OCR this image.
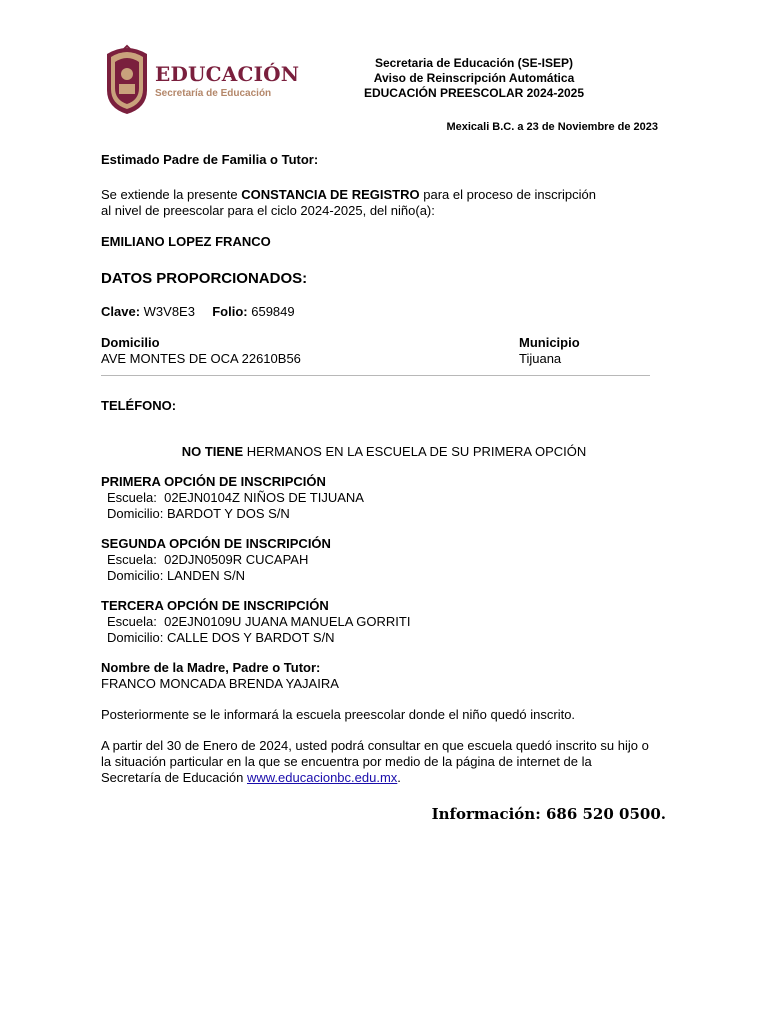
EDUCACIÓN
Secretaría de Educación
Secretaria de Educación (SE-ISEP)
Aviso de Reinscripción Automática
EDUCACIÓN PREESCOLAR 2024-2025
Mexicali B.C. a 23 de Noviembre de 2023
Estimado Padre de Familia o Tutor:
Se extiende la presente CONSTANCIA DE REGISTRO para el proceso de inscripción
al nivel de preescolar para el ciclo 2024-2025, del niño(a):
EMILIANO LOPEZ FRANCO
DATOS PROPORCIONADOS:
Clave: W3V8E3 Folio: 659849
Domicilio
AVE MONTES DE OCA 22610B56
Municipio
Tijuana
TELÉFONO:
NO TIENE HERMANOS EN LA ESCUELA DE SU PRIMERA OPCIÓN
PRIMERA OPCIÓN DE INSCRIPCIÓN
Escuela:  02EJN0104Z NIÑOS DE TIJUANA
Domicilio: BARDOT Y DOS S/N
SEGUNDA OPCIÓN DE INSCRIPCIÓN
Escuela:  02DJN0509R CUCAPAH
Domicilio: LANDEN S/N
TERCERA OPCIÓN DE INSCRIPCIÓN
Escuela:  02EJN0109U JUANA MANUELA GORRITI
Domicilio: CALLE DOS Y BARDOT S/N
Nombre de la Madre, Padre o Tutor:
FRANCO MONCADA BRENDA YAJAIRA
Posteriormente se le informará la escuela preescolar donde el niño quedó inscrito.
A partir del 30 de Enero de 2024, usted podrá consultar en que escuela quedó inscrito su hijo o
la situación particular en la que se encuentra por medio de la página de internet de la
Secretaría de Educación www.educacionbc.edu.mx.
Información: 686 520 0500.
